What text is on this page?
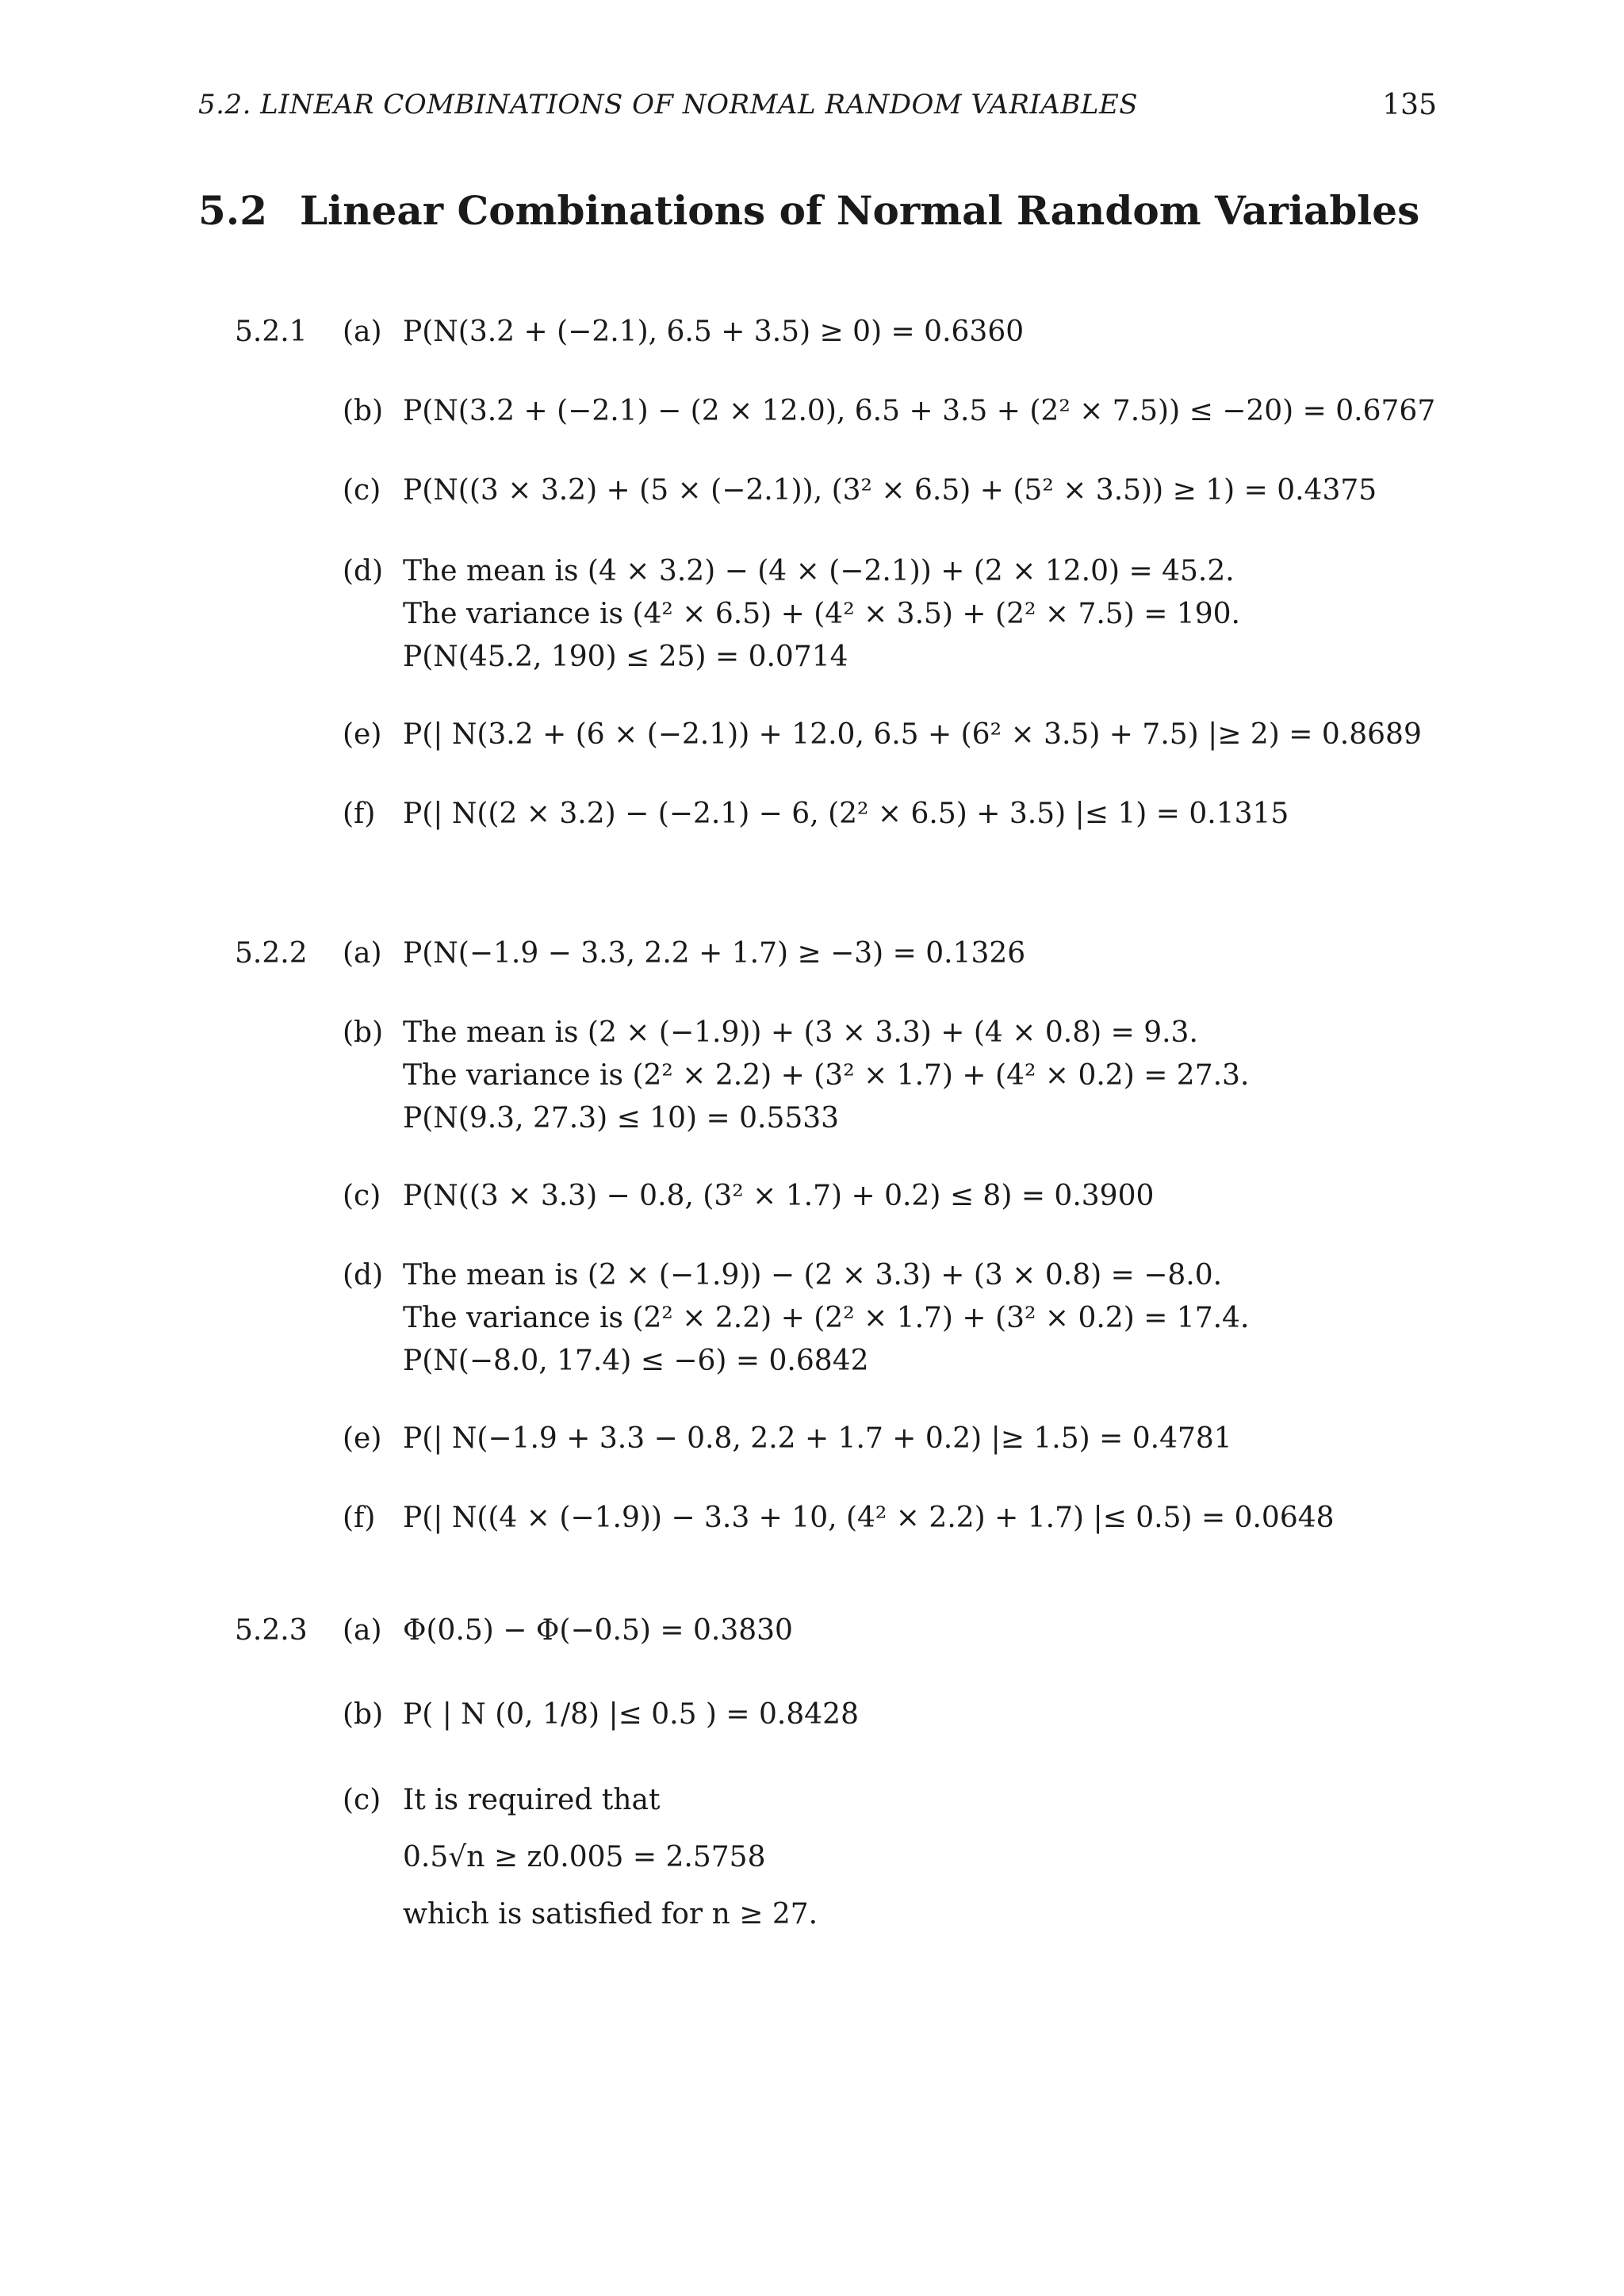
5.2. LINEAR COMBINATIONS OF NORMAL RANDOM VARIABLES	135
5.2 Linear Combinations of Normal Random Variables
5.2.1 (a) P(N(3.2 + (−2.1), 6.5 + 3.5) ≥ 0) = 0.6360
(b) P(N(3.2 + (−2.1) − (2 × 12.0), 6.5 + 3.5 + (2² × 7.5)) ≤ −20) = 0.6767
(c) P(N((3 × 3.2) + (5 × (−2.1)), (3² × 6.5) + (5² × 3.5)) ≥ 1) = 0.4375
(d) The mean is (4 × 3.2) − (4 × (−2.1)) + (2 × 12.0) = 45.2.
The variance is (4² × 6.5) + (4² × 3.5) + (2² × 7.5) = 190.
P(N(45.2, 190) ≤ 25) = 0.0714
(e) P(| N(3.2 + (6 × (−2.1)) + 12.0, 6.5 + (6² × 3.5) + 7.5) |≥ 2) = 0.8689
(f) P(| N((2 × 3.2) − (−2.1) − 6, (2² × 6.5) + 3.5) |≤ 1) = 0.1315
5.2.2 (a) P(N(−1.9 − 3.3, 2.2 + 1.7) ≥ −3) = 0.1326
(b) The mean is (2 × (−1.9)) + (3 × 3.3) + (4 × 0.8) = 9.3.
The variance is (2² × 2.2) + (3² × 1.7) + (4² × 0.2) = 27.3.
P(N(9.3, 27.3) ≤ 10) = 0.5533
(c) P(N((3 × 3.3) − 0.8, (3² × 1.7) + 0.2) ≤ 8) = 0.3900
(d) The mean is (2 × (−1.9)) − (2 × 3.3) + (3 × 0.8) = −8.0.
The variance is (2² × 2.2) + (2² × 1.7) + (3² × 0.2) = 17.4.
P(N(−8.0, 17.4) ≤ −6) = 0.6842
(e) P(| N(−1.9 + 3.3 − 0.8, 2.2 + 1.7 + 0.2) |≥ 1.5) = 0.4781
(f) P(| N((4 × (−1.9)) − 3.3 + 10, (4² × 2.2) + 1.7) |≤ 0.5) = 0.0648
5.2.3 (a) Φ(0.5) − Φ(−0.5) = 0.3830
(b) P( | N (0, 1/8) |≤ 0.5 ) = 0.8428
(c) It is required that
0.5√n ≥ z0.005 = 2.5758
which is satisfied for n ≥ 27.
